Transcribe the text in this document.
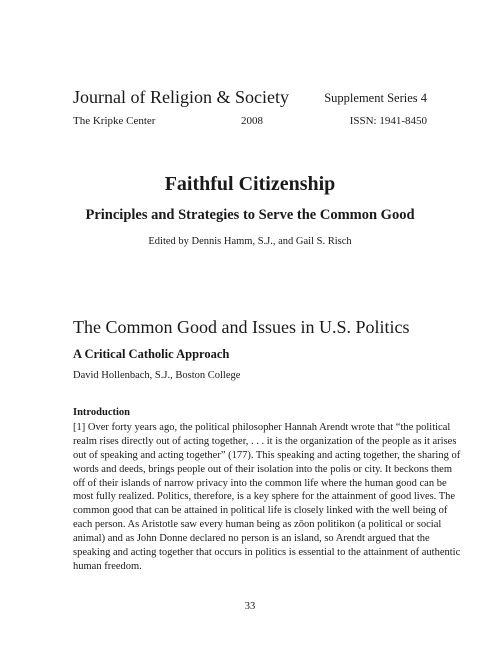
Journal of Religion & Society	Supplement Series 4
The Kripke Center	2008	ISSN: 1941-8450
Faithful Citizenship
Principles and Strategies to Serve the Common Good
Edited by Dennis Hamm, S.J., and Gail S. Risch
The Common Good and Issues in U.S. Politics
A Critical Catholic Approach
David Hollenbach, S.J., Boston College
Introduction
[1] Over forty years ago, the political philosopher Hannah Arendt wrote that “the political
realm rises directly out of acting together, . . . it is the organization of the people as it arises
out of speaking and acting together” (177). This speaking and acting together, the sharing of
words and deeds, brings people out of their isolation into the polis or city. It beckons them
off of their islands of narrow privacy into the common life where the human good can be
most fully realized. Politics, therefore, is a key sphere for the attainment of good lives. The
common good that can be attained in political life is closely linked with the well being of
each person. As Aristotle saw every human being as zōon politikon (a political or social
animal) and as John Donne declared no person is an island, so Arendt argued that the
speaking and acting together that occurs in politics is essential to the attainment of authentic
human freedom.
33
